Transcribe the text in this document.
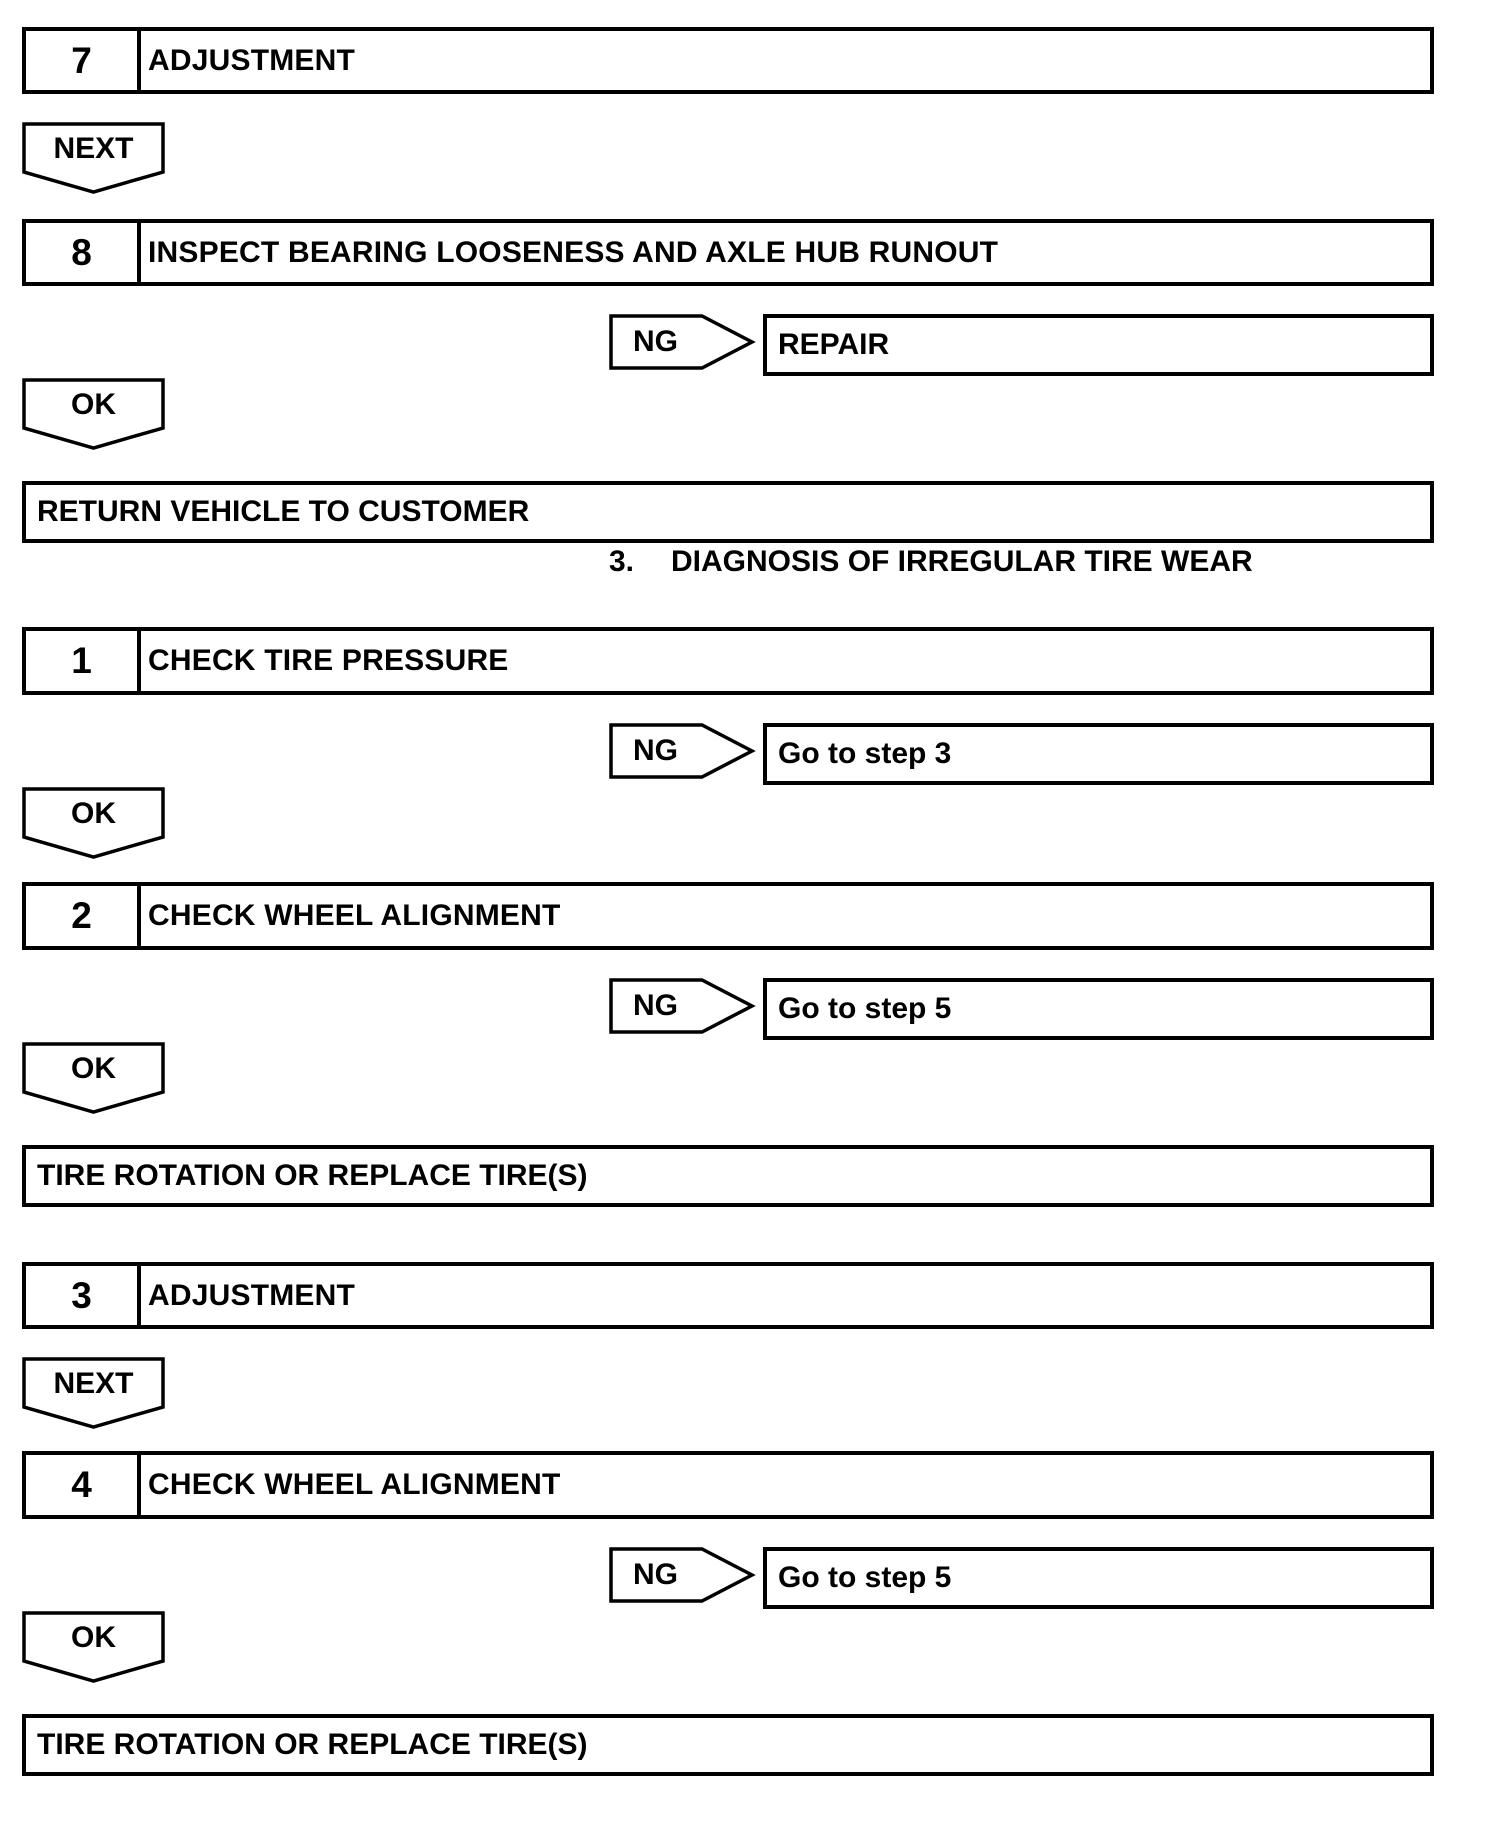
7	ADJUSTMENT
NEXT
8	INSPECT BEARING LOOSENESS AND AXLE HUB RUNOUT
NG	REPAIR
OK
RETURN VEHICLE TO CUSTOMER
3. DIAGNOSIS OF IRREGULAR TIRE WEAR
1	CHECK TIRE PRESSURE
NG	Go to step 3
OK
2	CHECK WHEEL ALIGNMENT
NG	Go to step 5
OK
TIRE ROTATION OR REPLACE TIRE(S)
3	ADJUSTMENT
NEXT
4	CHECK WHEEL ALIGNMENT
NG	Go to step 5
OK
TIRE ROTATION OR REPLACE TIRE(S)
